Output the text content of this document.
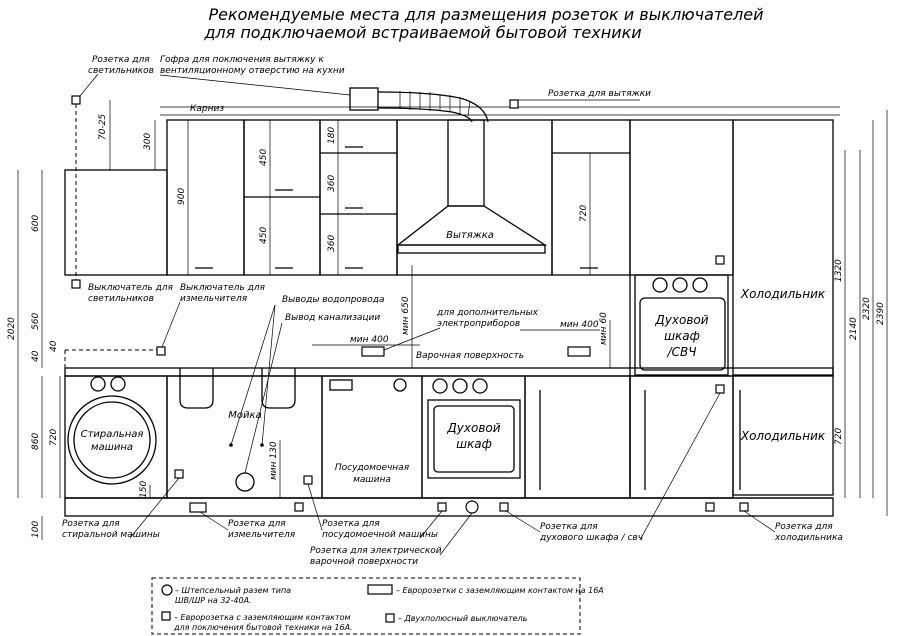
Рекомендуемые места для размещения розеток и выключателей
для подключаемой встраиваемой бытовой техники
Карниз
Вытяжка
Мойка
Стиральная
машина
Посудомоечная
машина
Духовой
шкаф
Духовой
шкаф
/СВЧ
Холодильник
Холодильник
Варочная поверхность
70-25
300
600
900
450
450
180
360
360
720
560
40
40
2020
860 720
150
100
мин 130
мин 650
мин 400
мин 400 мин 60
1320
2140
2320 2390
720
Розетка для
светильников
Гофра для поключения вытяжку к
вентиляционному отверстию на кухни
Розетка для вытяжки
Выключатель для
светильников
Выключатель для
измельчителя	Выводы водопровода
Вывод канализации	для дополнительных
электроприборов
Розетка для
стиральной машины
Розетка для
измельчителя
Розетка для
посудомоечной машины
Розетка для электрической
варочной поверхности
Розетка для
духового шкафа / свч
Розетка для
холодильника
– Штепсельный разем типа
ШВ/ШР на 32-40А.
– Евророзетка с заземляющим контактом
для поключения бытовой техники на 16А.
– Евророзетки с заземляющим контактом на 16А
– Двухполюсный выключатель
